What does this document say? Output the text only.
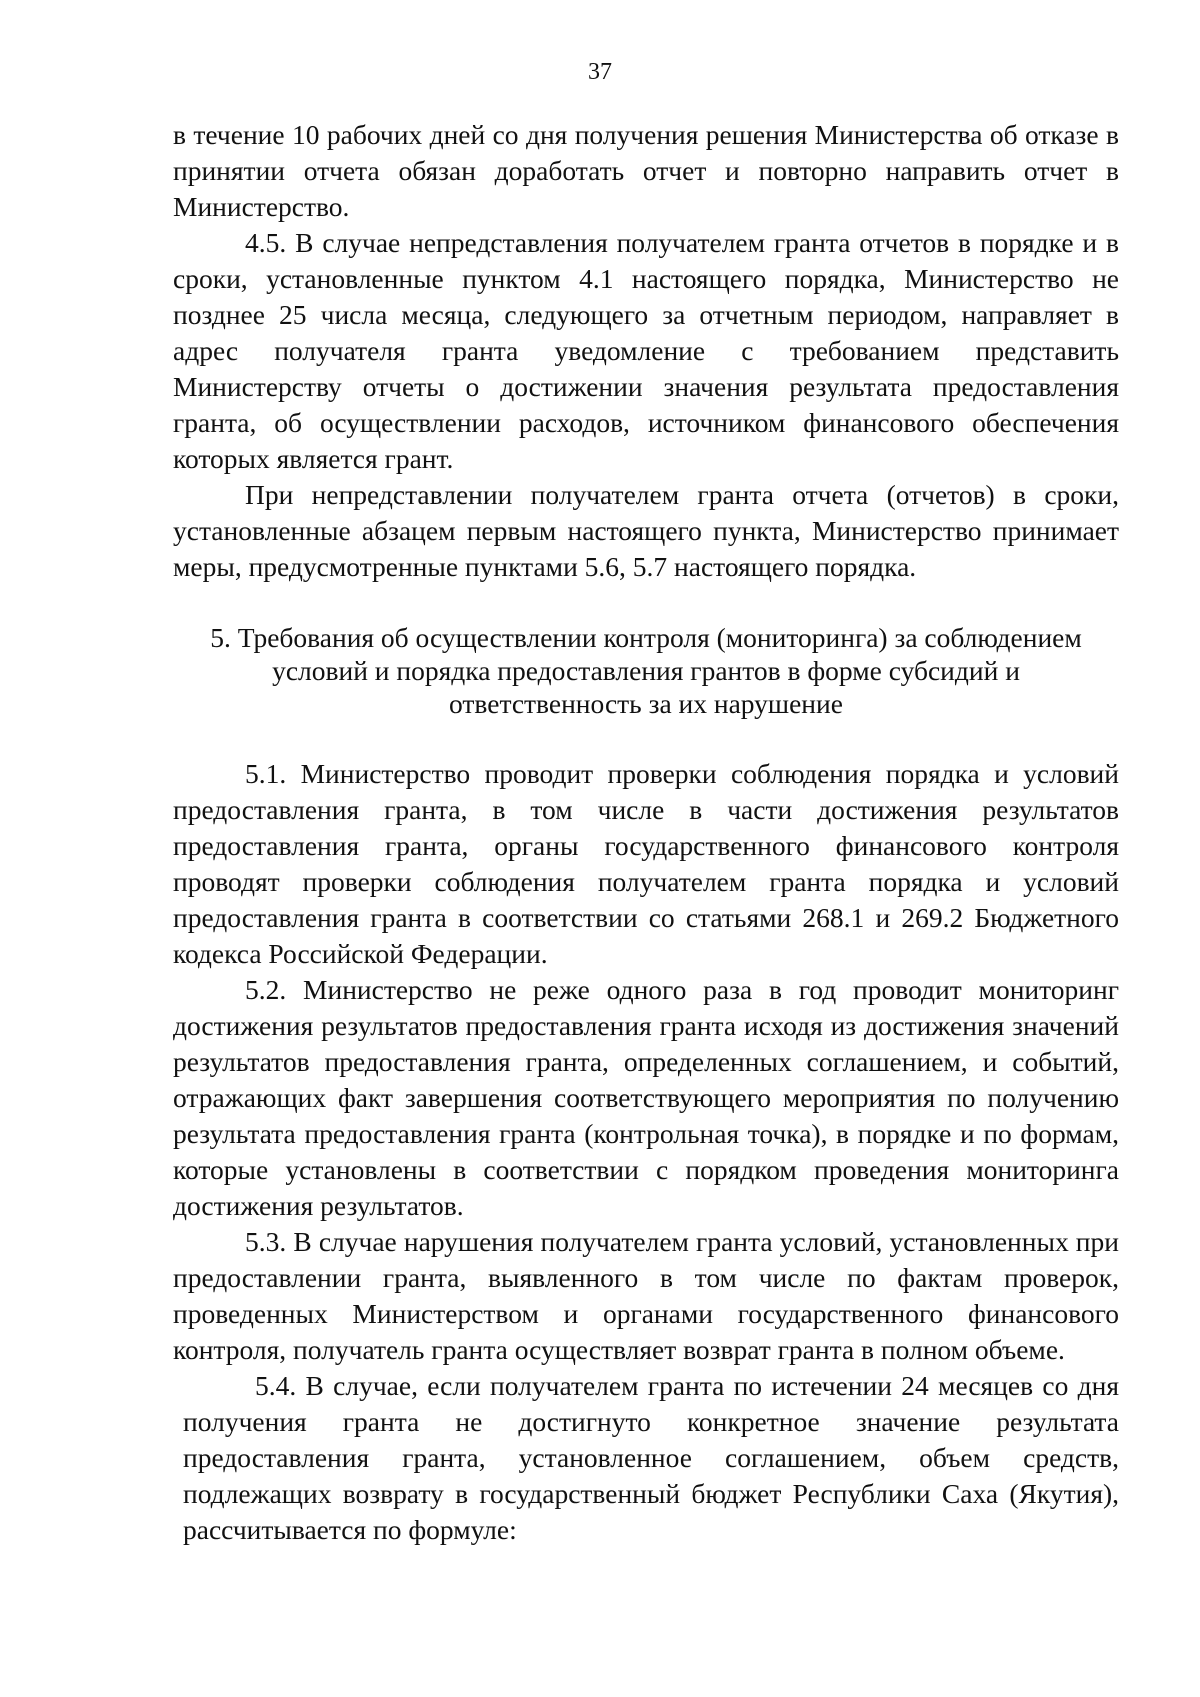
37

в течение 10 рабочих дней со дня получения решения Министерства об отказе в принятии отчета обязан доработать отчет и повторно направить отчет в Министерство.

4.5. В случае непредставления получателем гранта отчетов в порядке и в сроки, установленные пунктом 4.1 настоящего порядка, Министерство не позднее 25 числа месяца, следующего за отчетным периодом, направляет в адрес получателя гранта уведомление с требованием представить Министерству отчеты о достижении значения результата предоставления гранта, об осуществлении расходов, источником финансового обеспечения которых является грант.

При непредставлении получателем гранта отчета (отчетов) в сроки, установленные абзацем первым настоящего пункта, Министерство принимает меры, предусмотренные пунктами 5.6, 5.7 настоящего порядка.

5. Требования об осуществлении контроля (мониторинга) за соблюдением условий и порядка предоставления грантов в форме субсидий и ответственность за их нарушение

5.1. Министерство проводит проверки соблюдения порядка и условий предоставления гранта, в том числе в части достижения результатов предоставления гранта, органы государственного финансового контроля проводят проверки соблюдения получателем гранта порядка и условий предоставления гранта в соответствии со статьями 268.1 и 269.2 Бюджетного кодекса Российской Федерации.

5.2. Министерство не реже одного раза в год проводит мониторинг достижения результатов предоставления гранта исходя из достижения значений результатов предоставления гранта, определенных соглашением, и событий, отражающих факт завершения соответствующего мероприятия по получению результата предоставления гранта (контрольная точка), в порядке и по формам, которые установлены в соответствии с порядком проведения мониторинга достижения результатов.

5.3. В случае нарушения получателем гранта условий, установленных при предоставлении гранта, выявленного в том числе по фактам проверок, проведенных Министерством и органами государственного финансового контроля, получатель гранта осуществляет возврат гранта в полном объеме.

5.4. В случае, если получателем гранта по истечении 24 месяцев со дня получения гранта не достигнуто конкретное значение результата предоставления гранта, установленное соглашением, объем средств, подлежащих возврату в государственный бюджет Республики Саха (Якутия), рассчитывается по формуле:
